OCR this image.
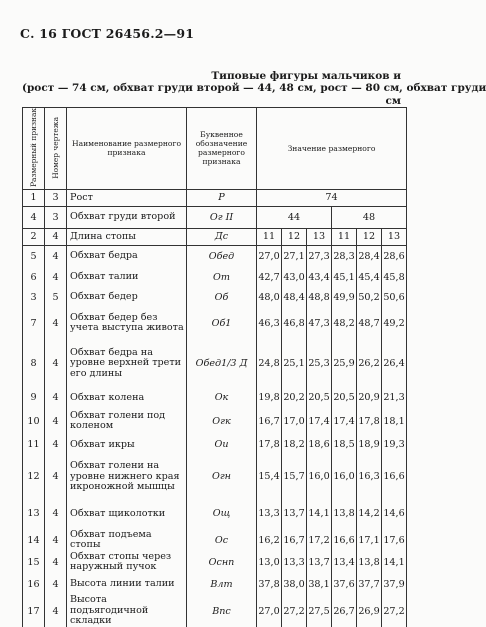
С. 16 ГОСТ 26456.2—91
Типовые фигуры мальчиков и
(рост — 74 см, обхват груди второй — 44, 48 см, рост — 80 см, обхват груди
см
Размерный признак	Номер чертежа	Наименование размерного признака	Буквенное обозначение размерного признака	Значение размерного					
1	3	Рост	P	74					
4	3	Обхват груди второй	Oг II	44			48		
2	4	Длина стопы	Дс	11	12	13	11	12	13
5	4	Обхват бедра	Oбед	27,0	27,1	27,3	28,3	28,4	28,6
6	4	Обхват талии	Oт	42,7	43,0	43,4	45,1	45,4	45,8
3	5	Обхват бедер	Oб	48,0	48,4	48,8	49,9	50,2	50,6
7	4	Обхват бедер без учета выступа живота	Oб1	46,3	46,8	47,3	48,2	48,7	49,2
8	4	Обхват бедра на уровне верхней трети его длины	Oбед1/3 Д	24,8	25,1	25,3	25,9	26,2	26,4
9	4	Обхват колена	Oк	19,8	20,2	20,5	20,5	20,9	21,3
10	4	Обхват голени под коленом	Oгк	16,7	17,0	17,4	17,4	17,8	18,1
11	4	Обхват икры	Oи	17,8	18,2	18,6	18,5	18,9	19,3
12	4	Обхват голени на уровне нижнего края икроножной мышцы	Oгн	15,4	15,7	16,0	16,0	16,3	16,6
13	4	Обхват щиколотки	Oщ	13,3	13,7	14,1	13,8	14,2	14,6
14	4	Обхват подъема стопы	Oс	16,2	16,7	17,2	16,6	17,1	17,6
15	4	Обхват стопы через наружный пучок	Oснп	13,0	13,3	13,7	13,4	13,8	14,1
16	4	Высота линии талии	Bлт	37,8	38,0	38,1	37,6	37,7	37,9
17	4	Высота подъягодичной складки	Bпс	27,0	27,2	27,5	26,7	26,9	27,2
